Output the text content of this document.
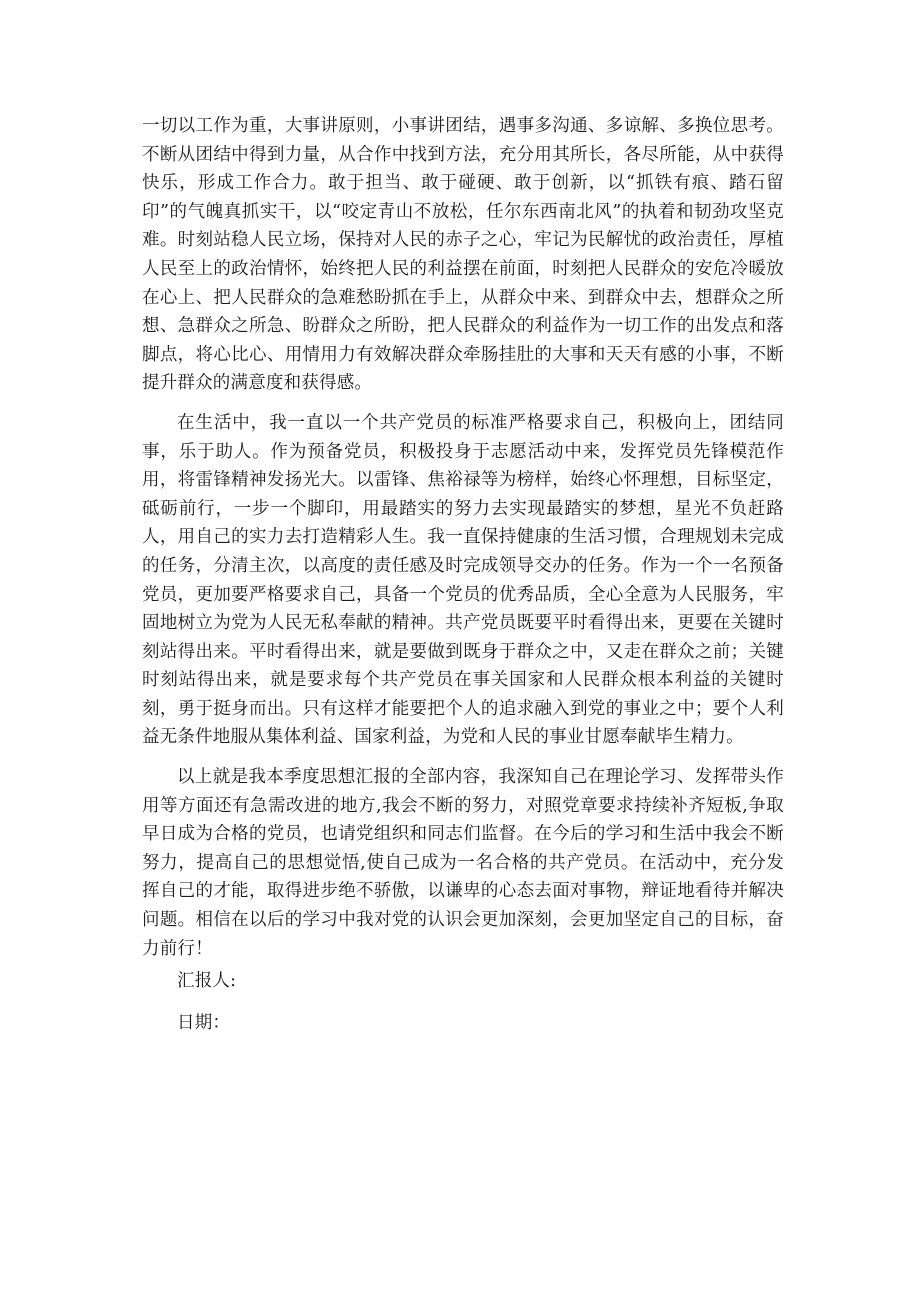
一切以工作为重，大事讲原则，小事讲团结，遇事多沟通、多谅解、多换位思考。不断从团结中得到力量，从合作中找到方法，充分用其所长，各尽所能，从中获得快乐，形成工作合力。敢于担当、敢于碰硬、敢于创新，以“抓铁有痕、踏石留印”的气魄真抓实干，以“咬定青山不放松，任尔东西南北风”的执着和韧劲攻坚克难。时刻站稳人民立场，保持对人民的赤子之心，牢记为民解忧的政治责任，厚植人民至上的政治情怀，始终把人民的利益摆在前面，时刻把人民群众的安危冷暖放在心上、把人民群众的急难愁盼抓在手上，从群众中来、到群众中去，想群众之所想、急群众之所急、盼群众之所盼，把人民群众的利益作为一切工作的出发点和落脚点，将心比心、用情用力有效解决群众牵肠挂肚的大事和天天有感的小事，不断提升群众的满意度和获得感。

在生活中，我一直以一个共产党员的标准严格要求自己，积极向上，团结同事，乐于助人。作为预备党员，积极投身于志愿活动中来，发挥党员先锋模范作用，将雷锋精神发扬光大。以雷锋、焦裕禄等为榜样，始终心怀理想，目标坚定，砥砺前行，一步一个脚印，用最踏实的努力去实现最踏实的梦想，星光不负赶路人，用自己的实力去打造精彩人生。我一直保持健康的生活习惯，合理规划未完成的任务，分清主次，以高度的责任感及时完成领导交办的任务。作为一个一名预备党员，更加要严格要求自己，具备一个党员的优秀品质，全心全意为人民服务，牢固地树立为党为人民无私奉献的精神。共产党员既要平时看得出来，更要在关键时刻站得出来。平时看得出来，就是要做到既身于群众之中，又走在群众之前；关键时刻站得出来，就是要求每个共产党员在事关国家和人民群众根本利益的关键时刻，勇于挺身而出。只有这样才能要把个人的追求融入到党的事业之中；要个人利益无条件地服从集体利益、国家利益，为党和人民的事业甘愿奉献毕生精力。

以上就是我本季度思想汇报的全部内容，我深知自己在理论学习、发挥带头作用等方面还有急需改进的地方,我会不断的努力，对照党章要求持续补齐短板,争取早日成为合格的党员，也请党组织和同志们监督。在今后的学习和生活中我会不断努力，提高自己的思想觉悟,使自己成为一名合格的共产党员。在活动中，充分发挥自己的才能，取得进步绝不骄傲，以谦卑的心态去面对事物，辩证地看待并解决问题。相信在以后的学习中我对党的认识会更加深刻，会更加坚定自己的目标，奋力前行！

汇报人:

日期：
